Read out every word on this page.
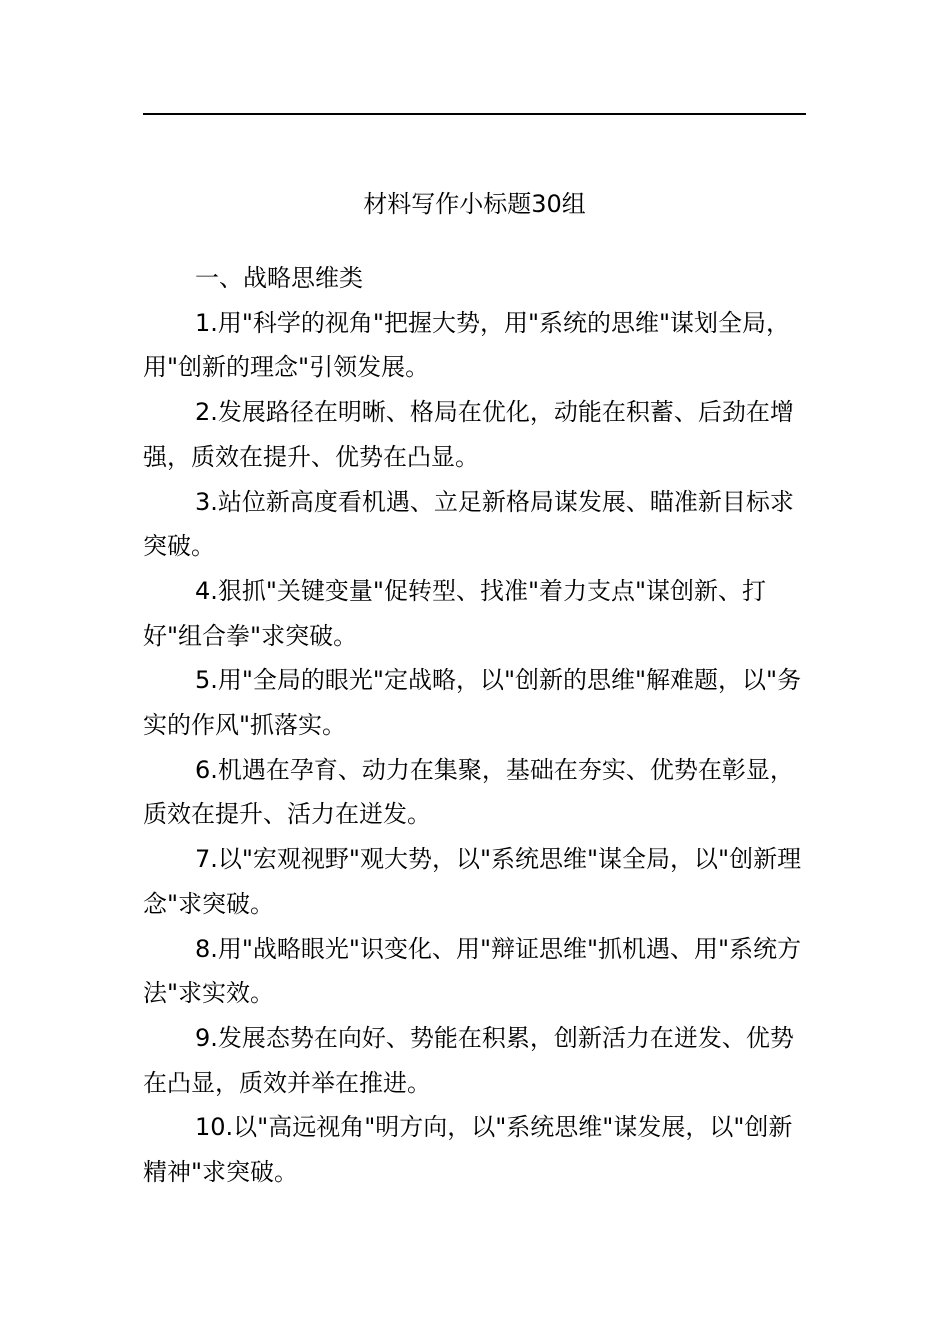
材料写作小标题30组

一、战略思维类

1.用"科学的视角"把握大势，用"系统的思维"谋划全局，
用"创新的理念"引领发展。

2.发展路径在明晰、格局在优化，动能在积蓄、后劲在增
强，质效在提升、优势在凸显。

3.站位新高度看机遇、立足新格局谋发展、瞄准新目标求
突破。

4.狠抓"关键变量"促转型、找准"着力支点"谋创新、打
好"组合拳"求突破。

5.用"全局的眼光"定战略，以"创新的思维"解难题，以"务
实的作风"抓落实。

6.机遇在孕育、动力在集聚，基础在夯实、优势在彰显，
质效在提升、活力在迸发。

7.以"宏观视野"观大势，以"系统思维"谋全局，以"创新理
念"求突破。

8.用"战略眼光"识变化、用"辩证思维"抓机遇、用"系统方
法"求实效。

9.发展态势在向好、势能在积累，创新活力在迸发、优势
在凸显，质效并举在推进。

10.以"高远视角"明方向，以"系统思维"谋发展，以"创新
精神"求突破。
